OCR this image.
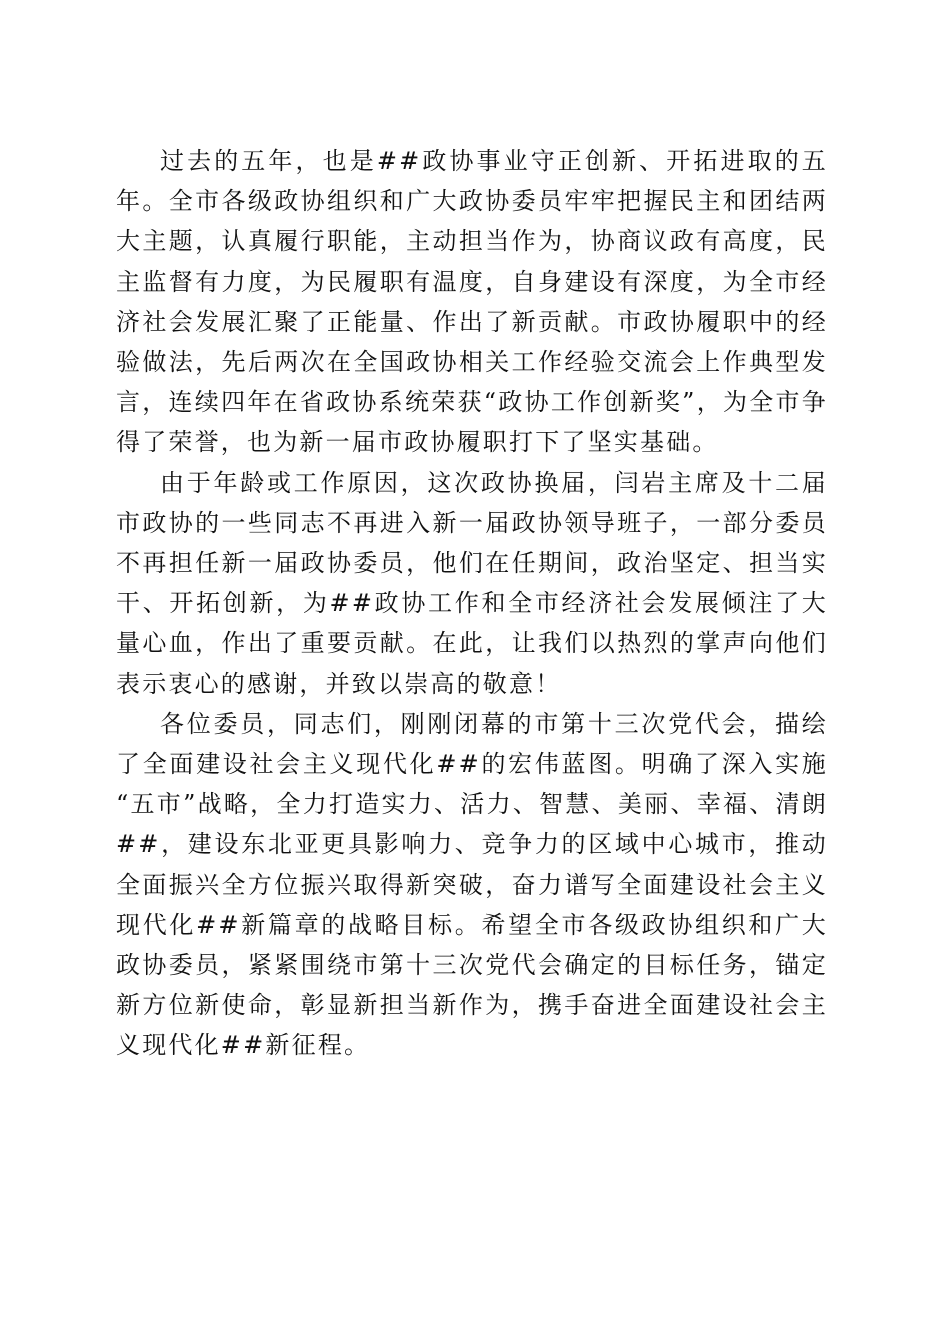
过去的五年，也是##政协事业守正创新、开拓进取的五年。全市各级政协组织和广大政协委员牢牢把握民主和团结两大主题，认真履行职能，主动担当作为，协商议政有高度，民主监督有力度，为民履职有温度，自身建设有深度，为全市经济社会发展汇聚了正能量、作出了新贡献。市政协履职中的经验做法，先后两次在全国政协相关工作经验交流会上作典型发言，连续四年在省政协系统荣获“政协工作创新奖”，为全市争得了荣誉，也为新一届市政协履职打下了坚实基础。

由于年龄或工作原因，这次政协换届，闫岩主席及十二届市政协的一些同志不再进入新一届政协领导班子，一部分委员不再担任新一届政协委员，他们在任期间，政治坚定、担当实干、开拓创新，为##政协工作和全市经济社会发展倾注了大量心血，作出了重要贡献。在此，让我们以热烈的掌声向他们表示衷心的感谢，并致以崇高的敬意！

各位委员，同志们，刚刚闭幕的市第十三次党代会，描绘了全面建设社会主义现代化##的宏伟蓝图。明确了深入实施“五市”战略，全力打造实力、活力、智慧、美丽、幸福、清朗##，建设东北亚更具影响力、竞争力的区域中心城市，推动全面振兴全方位振兴取得新突破，奋力谱写全面建设社会主义现代化##新篇章的战略目标。希望全市各级政协组织和广大政协委员，紧紧围绕市第十三次党代会确定的目标任务，锚定新方位新使命，彰显新担当新作为，携手奋进全面建设社会主义现代化##新征程。
